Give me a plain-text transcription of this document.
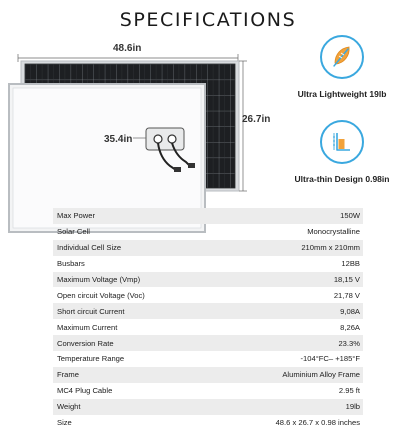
SPECIFICATIONS
48.6in
26.7in
35.4in
Ultra Lightweight 19lb
Ultra-thin Design 0.98in
Max Power	150W
Solar Cell	Monocrystalline
Individual Cell Size	210mm x 210mm
Busbars	12BB
Maximum Voltage (Vmp)	18,15 V
Open circuit Voltage (Voc)	21,78 V
Short circuit Current	9,08A
Maximum Current	8,26A
Conversion Rate	23.3%
Temperature Range	-104°FC– +185°F
Frame	Aluminium Alloy Frame
MC4 Plug Cable	2.95 ft
Weight	19lb
Size	48.6 x 26.7 x 0.98 inches
